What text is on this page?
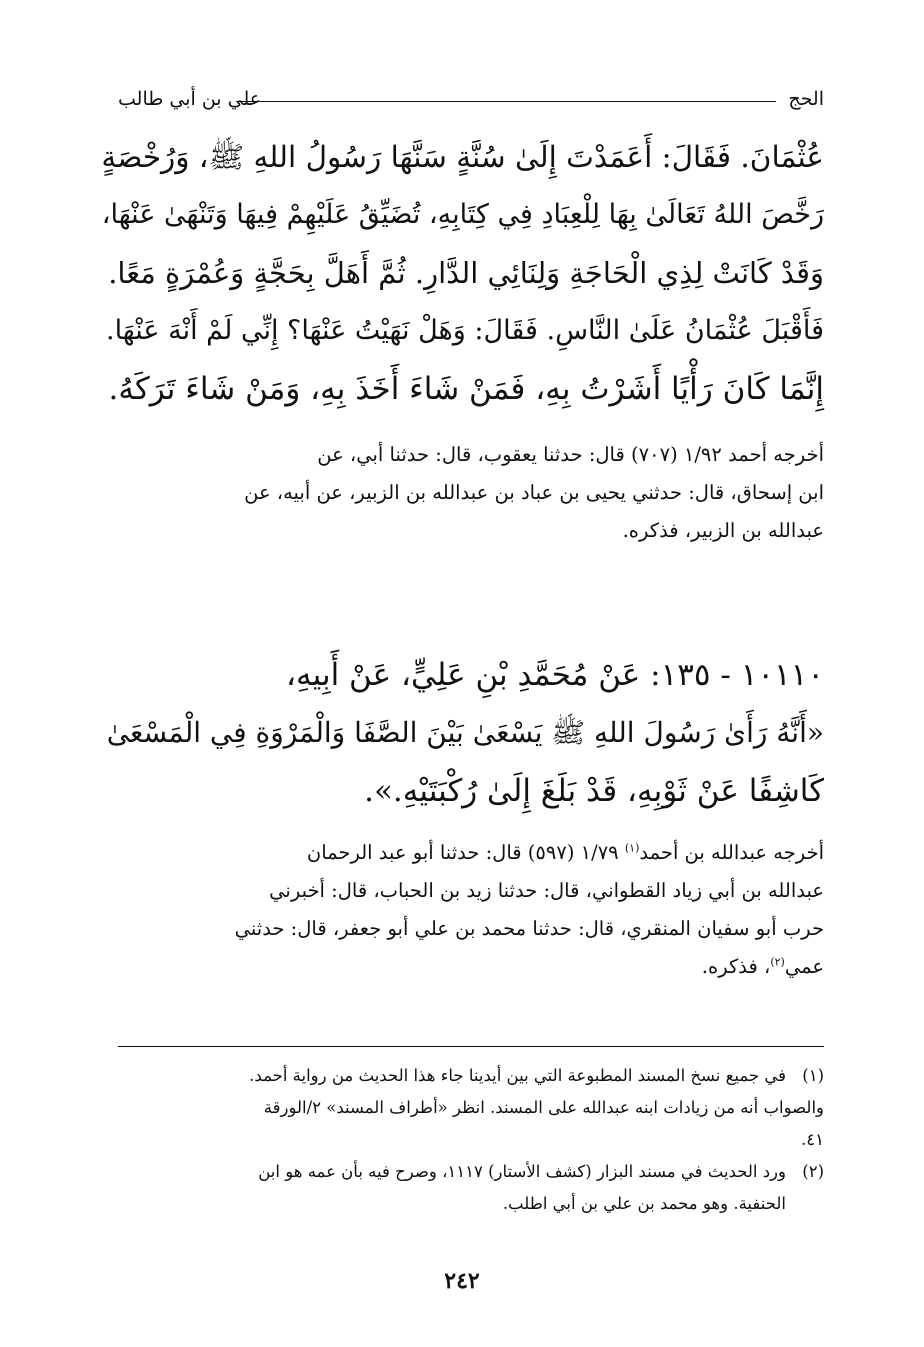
الحج
علي بن أبي طالب
عُثْمَانَ. فَقَالَ: أَعَمَدْتَ إِلَىٰ سُنَّةٍ سَنَّهَا رَسُولُ اللهِ ﷺ، وَرُخْصَةٍ
رَخَّصَ اللهُ تَعَالَىٰ بِهَا لِلْعِبَادِ فِي كِتَابِهِ، تُضَيِّقُ عَلَيْهِمْ فِيهَا وَتَنْهَىٰ عَنْهَا،
وَقَدْ كَانَتْ لِذِي الْحَاجَةِ وَلِنَائِي الدَّارِ. ثُمَّ أَهَلَّ بِحَجَّةٍ وَعُمْرَةٍ مَعًا.
فَأَقْبَلَ عُثْمَانُ عَلَىٰ النَّاسِ. فَقَالَ: وَهَلْ نَهَيْتُ عَنْهَا؟ إِنِّي لَمْ أَنْهَ عَنْهَا.
إِنَّمَا كَانَ رَأْيًا أَشَرْتُ بِهِ، فَمَنْ شَاءَ أَخَذَ بِهِ، وَمَنْ شَاءَ تَرَكَهُ.
أخرجه أحمد ١/٩٢ (٧٠٧) قال: حدثنا يعقوب، قال: حدثنا أبي، عن
ابن إسحاق، قال: حدثني يحيى بن عباد بن عبدالله بن الزبير، عن أبيه، عن
عبدالله بن الزبير، فذكره.
١٠١١٠ - ١٣٥: عَنْ مُحَمَّدِ بْنِ عَلِيٍّ، عَنْ أَبِيهِ،
«أَنَّهُ رَأَىٰ رَسُولَ اللهِ ﷺ يَسْعَىٰ بَيْنَ الصَّفَا وَالْمَرْوَةِ فِي الْمَسْعَىٰ
كَاشِفًا عَنْ ثَوْبِهِ، قَدْ بَلَغَ إِلَىٰ رُكْبَتَيْهِ.».
أخرجه عبدالله بن أحمد$^{(١)}$ ١/٧٩ (٥٩٧) قال: حدثنا أبو عبد الرحمان
عبدالله بن أبي زياد القطواني، قال: حدثنا زيد بن الحباب، قال: أخبرني
حرب أبو سفيان المنقري، قال: حدثنا محمد بن علي أبو جعفر، قال: حدثني
عمي$^{(٢)}$، فذكره.
(١)في جميع نسخ المسند المطبوعة التي بين أيدينا جاء هذا الحديث من رواية أحمد.
والصواب أنه من زيادات ابنه عبدالله على المسند. انظر «أطراف المسند» ٢/الورقة
٤١.
(٢)ورد الحديث في مسند البزار (كشف الأستار) ١١١٧، وصرح فيه بأن عمه هو ابن
الحنفية. وهو محمد بن علي بن أبي اطلب.
٢٤٢
